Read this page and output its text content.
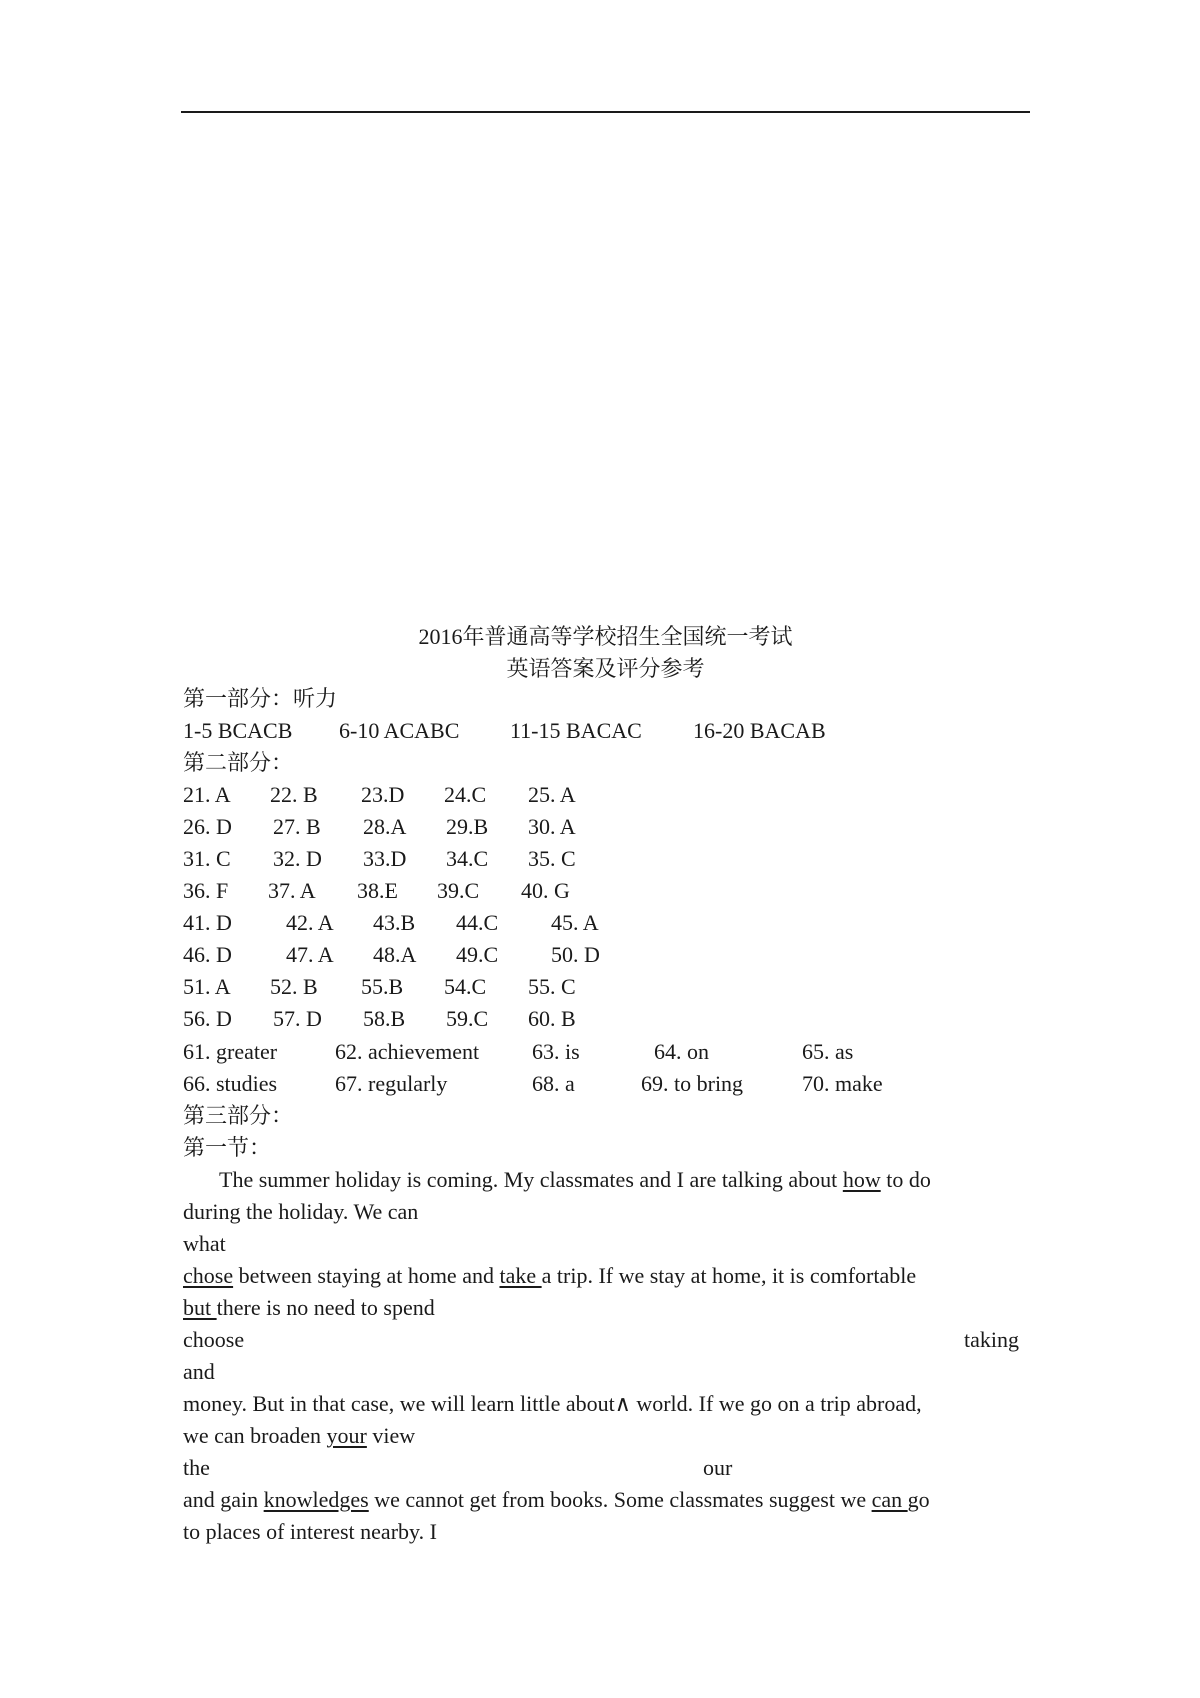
2016年普通高等学校招生全国统一考试
英语答案及评分参考
第一部分：听力
1-5 BCACB 6-10 ACABC 11-15 BACAC 16-20 BACAB
第二部分：
21. A 22. B 23.D 24.C 25. A
26. D 27. B 28.A 29.B 30. A
31. C 32. D 33.D 34.C 35. C
36. F 37. A 38.E 39.C 40. G
41. D 42. A 43.B 44.C 45. A
46. D 47. A 48.A 49.C 50. D
51. A 52. B 55.B 54.C 55. C
56. D 57. D 58.B 59.C 60. B
61. greater	62. achievement 63. is	64. on	65. as
66. studies	67. regularly	68. a	69. to bring	70. make
第三部分：
第一节：
The summer holiday is coming. My classmates and I are talking about how to do
during the holiday. We can
what
chose between staying at home and take a trip. If we stay at home, it is comfortable
but there is no need to spend
choose	taking
and
money. But in that case, we will learn little about∧ world. If we go on a trip abroad,
we can broaden your view
the	our
and gain knowledges we cannot get from books. Some classmates suggest we can go
to places of interest nearby. I
